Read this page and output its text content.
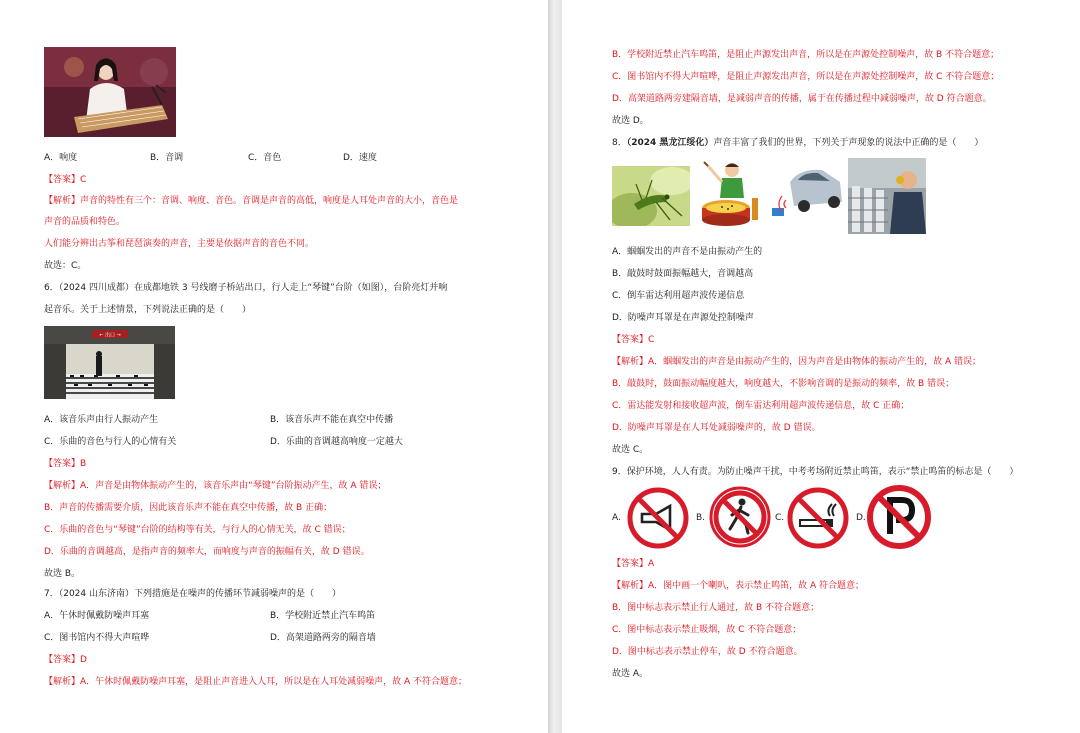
A．响度	B．音调	C．音色	D．速度
【答案】C
【解析】声音的特性有三个：音调、响度、音色。音调是声音的高低，响度是人耳处声音的大小，音色是
声音的品质和特色。
人们能分辨出古筝和琵琶演奏的声音，主要是依据声音的音色不同。
故选：C。
6．（2024 四川成都）在成都地铁 3 号线磨子桥站出口，行人走上“琴键”台阶（如图），台阶亮灯并响
起音乐。关于上述情景，下列说法正确的是（　　）
← 出口 →
A．该音乐声由行人振动产生	B．该音乐声不能在真空中传播
C．乐曲的音色与行人的心情有关	D．乐曲的音调越高响度一定越大
【答案】B
【解析】A．声音是由物体振动产生的，该音乐声由“琴键”台阶振动产生，故 A 错误；
B．声音的传播需要介质，因此该音乐声不能在真空中传播，故 B 正确；
C．乐曲的音色与“琴键”台阶的结构等有关，与行人的心情无关，故 C 错误；
D．乐曲的音调越高，是指声音的频率大，而响度与声音的振幅有关，故 D 错误。
故选 B。
7．（2024 山东济南）下列措施是在噪声的传播环节减弱噪声的是（　　）
A．午休时佩戴防噪声耳塞	B．学校附近禁止汽车鸣笛
C．图书馆内不得大声喧哗	D．高架道路两旁的隔音墙
【答案】D
【解析】A．午休时佩戴防噪声耳塞，是阻止声音进入人耳，所以是在人耳处减弱噪声，故 A 不符合题意；
B．学校附近禁止汽车鸣笛，是阻止声源发出声音，所以是在声源处控制噪声，故 B 不符合题意；
C．图书馆内不得大声喧哗，是阻止声源发出声音，所以是在声源处控制噪声，故 C 不符合题意；
D．高架道路两旁建隔音墙，是减弱声音的传播，属于在传播过程中减弱噪声，故 D 符合题意。
故选 D。
8．（2024 黑龙江绥化）声音丰富了我们的世界，下列关于声现象的说法中正确的是（　　）
A．蝈蝈发出的声音不是由振动产生的
B．敲鼓时鼓面振幅越大，音调越高
C．倒车雷达利用超声波传递信息
D．防噪声耳罩是在声源处控制噪声
【答案】C
【解析】A．蝈蝈发出的声音是由振动产生的，因为声音是由物体的振动产生的，故 A 错误；
B．敲鼓时，鼓面振动幅度越大，响度越大，不影响音调的是振动的频率，故 B 错误；
C．雷达能发射和接收超声波，倒车雷达利用超声波传递信息，故 C 正确；
D．防噪声耳罩是在人耳处减弱噪声的，故 D 错误。
故选 C。
9．保护环境，人人有责。为防止噪声干扰，中考考场附近禁止鸣笛，表示“禁止鸣笛的标志是（　　）
A.	B.	C.	D.
【答案】A
【解析】A．图中画一个喇叭，表示禁止鸣笛，故 A 符合题意；
B．图中标志表示禁止行人通过，故 B 不符合题意；
C．图中标志表示禁止吸烟，故 C 不符合题意；
D．图中标志表示禁止停车，故 D 不符合题意。
故选 A。
